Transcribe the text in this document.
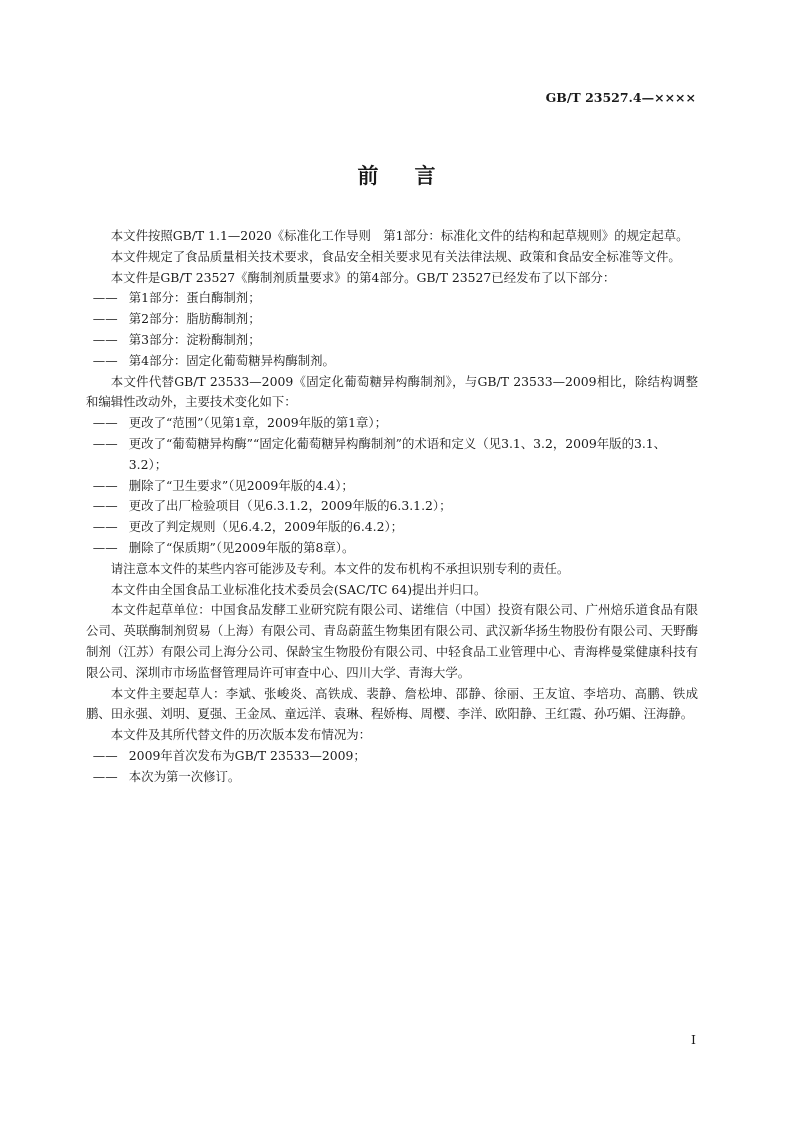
GB/T 23527.4—××××
前言
本文件按照GB/T 1.1—2020《标准化工作导则　第1部分：标准化文件的结构和起草规则》的规定起草。
本文件规定了食品质量相关技术要求，食品安全相关要求见有关法律法规、政策和食品安全标准等文件。
本文件是GB/T 23527《酶制剂质量要求》的第4部分。GB/T 23527已经发布了以下部分：
—— 第1部分：蛋白酶制剂；
—— 第2部分：脂肪酶制剂；
—— 第3部分：淀粉酶制剂；
—— 第4部分：固定化葡萄糖异构酶制剂。
本文件代替GB/T 23533—2009《固定化葡萄糖异构酶制剂》，与GB/T 23533—2009相比，除结构调整和编辑性改动外，主要技术变化如下：
—— 更改了“范围”（见第1章，2009年版的第1章）；
—— 更改了“葡萄糖异构酶”“固定化葡萄糖异构酶制剂”的术语和定义（见3.1、3.2，2009年版的3.1、3.2）；
—— 删除了“卫生要求”（见2009年版的4.4）；
—— 更改了出厂检验项目（见6.3.1.2，2009年版的6.3.1.2）；
—— 更改了判定规则（见6.4.2，2009年版的6.4.2）；
—— 删除了“保质期”（见2009年版的第8章）。
请注意本文件的某些内容可能涉及专利。本文件的发布机构不承担识别专利的责任。
本文件由全国食品工业标准化技术委员会(SAC/TC 64)提出并归口。
本文件起草单位：中国食品发酵工业研究院有限公司、诺维信（中国）投资有限公司、广州焙乐道食品有限公司、英联酶制剂贸易（上海）有限公司、青岛蔚蓝生物集团有限公司、武汉新华扬生物股份有限公司、天野酶制剂（江苏）有限公司上海分公司、保龄宝生物股份有限公司、中轻食品工业管理中心、青海桦曼棠健康科技有限公司、深圳市市场监督管理局许可审查中心、四川大学、青海大学。
本文件主要起草人：李斌、张峻炎、高铁成、裴静、詹松坤、邵静、徐丽、王友谊、李培功、高鹏、铁成鹏、田永强、刘明、夏强、王金凤、童远洋、袁琳、程娇梅、周樱、李洋、欧阳静、王红霞、孙巧媚、汪海静。
本文件及其所代替文件的历次版本发布情况为：
—— 2009年首次发布为GB/T 23533—2009；
—— 本次为第一次修订。
I
